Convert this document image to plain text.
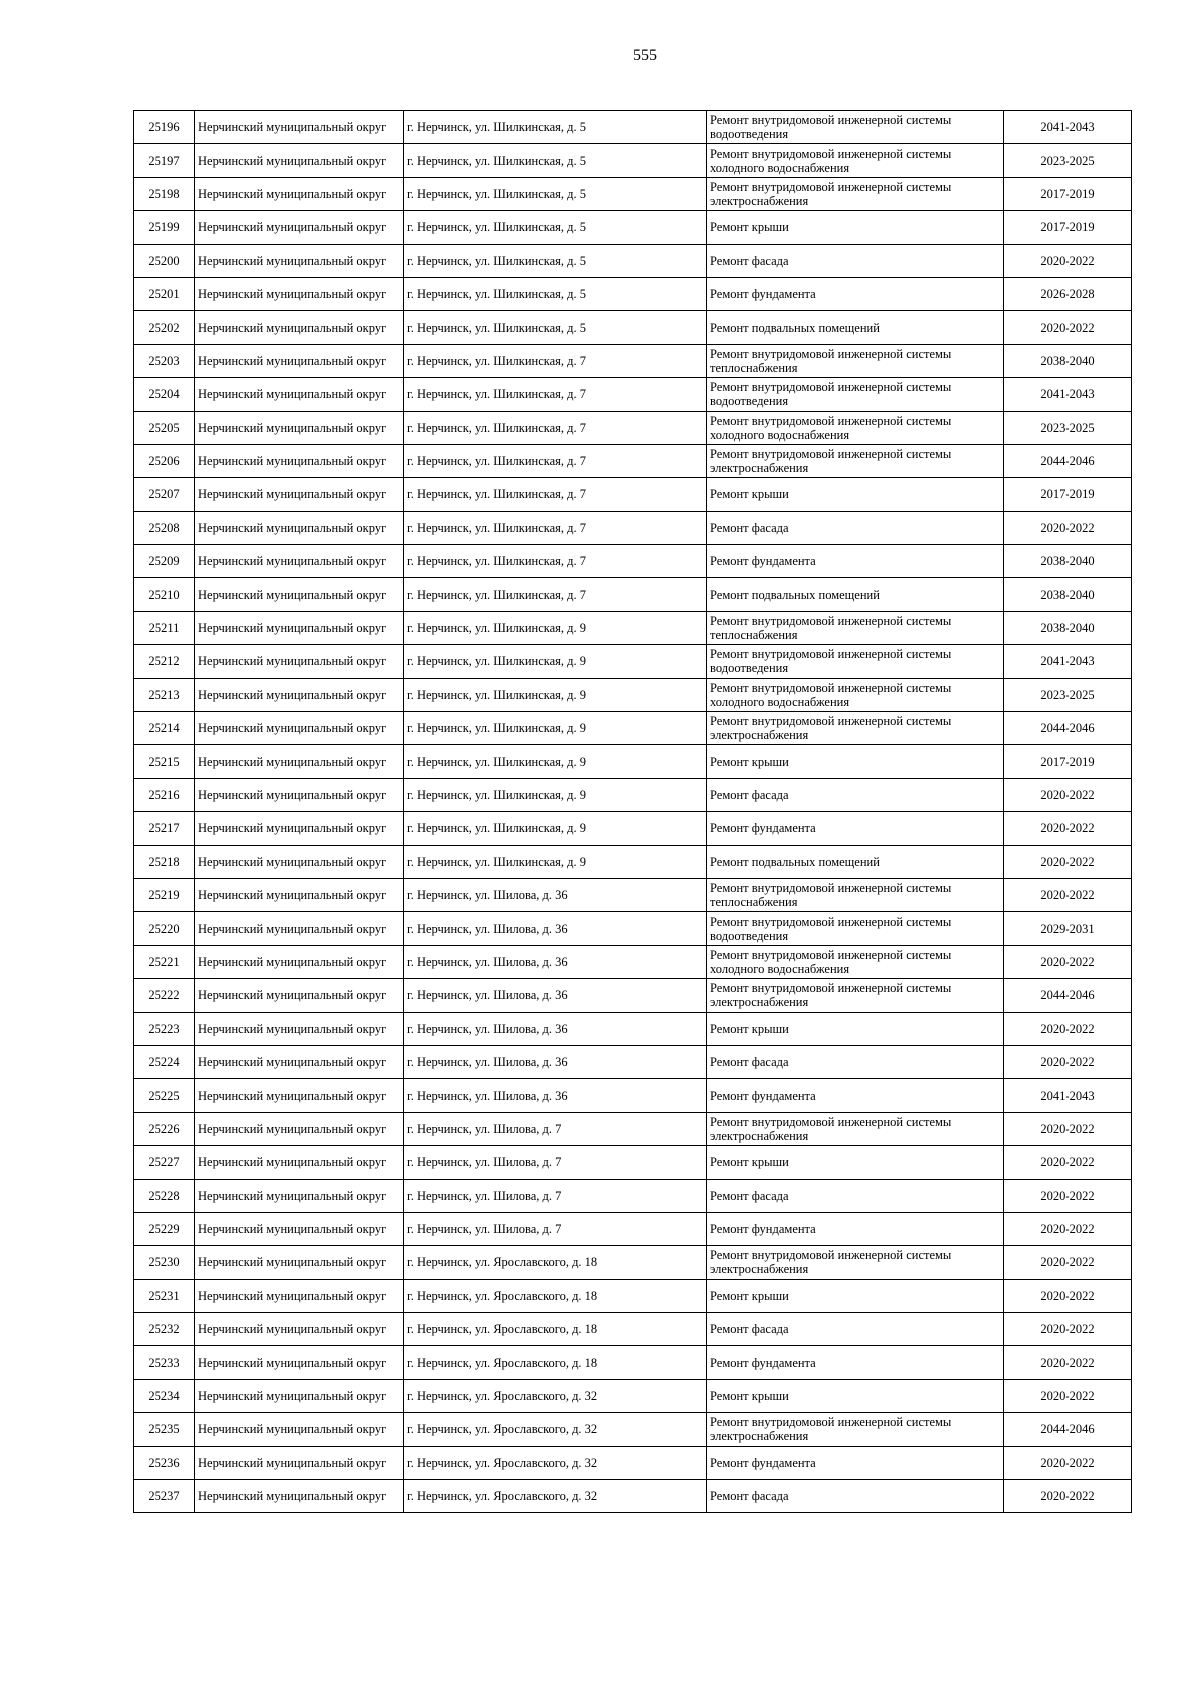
555
25196	Нерчинский муниципальный округ	г. Нерчинск, ул. Шилкинская, д. 5	Ремонт внутридомовой инженерной системы водоотведения	2041-2043
25197	Нерчинский муниципальный округ	г. Нерчинск, ул. Шилкинская, д. 5	Ремонт внутридомовой инженерной системы холодного водоснабжения	2023-2025
25198	Нерчинский муниципальный округ	г. Нерчинск, ул. Шилкинская, д. 5	Ремонт внутридомовой инженерной системы электроснабжения	2017-2019
25199	Нерчинский муниципальный округ	г. Нерчинск, ул. Шилкинская, д. 5	Ремонт крыши	2017-2019
25200	Нерчинский муниципальный округ	г. Нерчинск, ул. Шилкинская, д. 5	Ремонт фасада	2020-2022
25201	Нерчинский муниципальный округ	г. Нерчинск, ул. Шилкинская, д. 5	Ремонт фундамента	2026-2028
25202	Нерчинский муниципальный округ	г. Нерчинск, ул. Шилкинская, д. 5	Ремонт подвальных помещений	2020-2022
25203	Нерчинский муниципальный округ	г. Нерчинск, ул. Шилкинская, д. 7	Ремонт внутридомовой инженерной системы теплоснабжения	2038-2040
25204	Нерчинский муниципальный округ	г. Нерчинск, ул. Шилкинская, д. 7	Ремонт внутридомовой инженерной системы водоотведения	2041-2043
25205	Нерчинский муниципальный округ	г. Нерчинск, ул. Шилкинская, д. 7	Ремонт внутридомовой инженерной системы холодного водоснабжения	2023-2025
25206	Нерчинский муниципальный округ	г. Нерчинск, ул. Шилкинская, д. 7	Ремонт внутридомовой инженерной системы электроснабжения	2044-2046
25207	Нерчинский муниципальный округ	г. Нерчинск, ул. Шилкинская, д. 7	Ремонт крыши	2017-2019
25208	Нерчинский муниципальный округ	г. Нерчинск, ул. Шилкинская, д. 7	Ремонт фасада	2020-2022
25209	Нерчинский муниципальный округ	г. Нерчинск, ул. Шилкинская, д. 7	Ремонт фундамента	2038-2040
25210	Нерчинский муниципальный округ	г. Нерчинск, ул. Шилкинская, д. 7	Ремонт подвальных помещений	2038-2040
25211	Нерчинский муниципальный округ	г. Нерчинск, ул. Шилкинская, д. 9	Ремонт внутридомовой инженерной системы теплоснабжения	2038-2040
25212	Нерчинский муниципальный округ	г. Нерчинск, ул. Шилкинская, д. 9	Ремонт внутридомовой инженерной системы водоотведения	2041-2043
25213	Нерчинский муниципальный округ	г. Нерчинск, ул. Шилкинская, д. 9	Ремонт внутридомовой инженерной системы холодного водоснабжения	2023-2025
25214	Нерчинский муниципальный округ	г. Нерчинск, ул. Шилкинская, д. 9	Ремонт внутридомовой инженерной системы электроснабжения	2044-2046
25215	Нерчинский муниципальный округ	г. Нерчинск, ул. Шилкинская, д. 9	Ремонт крыши	2017-2019
25216	Нерчинский муниципальный округ	г. Нерчинск, ул. Шилкинская, д. 9	Ремонт фасада	2020-2022
25217	Нерчинский муниципальный округ	г. Нерчинск, ул. Шилкинская, д. 9	Ремонт фундамента	2020-2022
25218	Нерчинский муниципальный округ	г. Нерчинск, ул. Шилкинская, д. 9	Ремонт подвальных помещений	2020-2022
25219	Нерчинский муниципальный округ	г. Нерчинск, ул. Шилова, д. 36	Ремонт внутридомовой инженерной системы теплоснабжения	2020-2022
25220	Нерчинский муниципальный округ	г. Нерчинск, ул. Шилова, д. 36	Ремонт внутридомовой инженерной системы водоотведения	2029-2031
25221	Нерчинский муниципальный округ	г. Нерчинск, ул. Шилова, д. 36	Ремонт внутридомовой инженерной системы холодного водоснабжения	2020-2022
25222	Нерчинский муниципальный округ	г. Нерчинск, ул. Шилова, д. 36	Ремонт внутридомовой инженерной системы электроснабжения	2044-2046
25223	Нерчинский муниципальный округ	г. Нерчинск, ул. Шилова, д. 36	Ремонт крыши	2020-2022
25224	Нерчинский муниципальный округ	г. Нерчинск, ул. Шилова, д. 36	Ремонт фасада	2020-2022
25225	Нерчинский муниципальный округ	г. Нерчинск, ул. Шилова, д. 36	Ремонт фундамента	2041-2043
25226	Нерчинский муниципальный округ	г. Нерчинск, ул. Шилова, д. 7	Ремонт внутридомовой инженерной системы электроснабжения	2020-2022
25227	Нерчинский муниципальный округ	г. Нерчинск, ул. Шилова, д. 7	Ремонт крыши	2020-2022
25228	Нерчинский муниципальный округ	г. Нерчинск, ул. Шилова, д. 7	Ремонт фасада	2020-2022
25229	Нерчинский муниципальный округ	г. Нерчинск, ул. Шилова, д. 7	Ремонт фундамента	2020-2022
25230	Нерчинский муниципальный округ	г. Нерчинск, ул. Ярославского, д. 18	Ремонт внутридомовой инженерной системы электроснабжения	2020-2022
25231	Нерчинский муниципальный округ	г. Нерчинск, ул. Ярославского, д. 18	Ремонт крыши	2020-2022
25232	Нерчинский муниципальный округ	г. Нерчинск, ул. Ярославского, д. 18	Ремонт фасада	2020-2022
25233	Нерчинский муниципальный округ	г. Нерчинск, ул. Ярославского, д. 18	Ремонт фундамента	2020-2022
25234	Нерчинский муниципальный округ	г. Нерчинск, ул. Ярославского, д. 32	Ремонт крыши	2020-2022
25235	Нерчинский муниципальный округ	г. Нерчинск, ул. Ярославского, д. 32	Ремонт внутридомовой инженерной системы электроснабжения	2044-2046
25236	Нерчинский муниципальный округ	г. Нерчинск, ул. Ярославского, д. 32	Ремонт фундамента	2020-2022
25237	Нерчинский муниципальный округ	г. Нерчинск, ул. Ярославского, д. 32	Ремонт фасада	2020-2022
